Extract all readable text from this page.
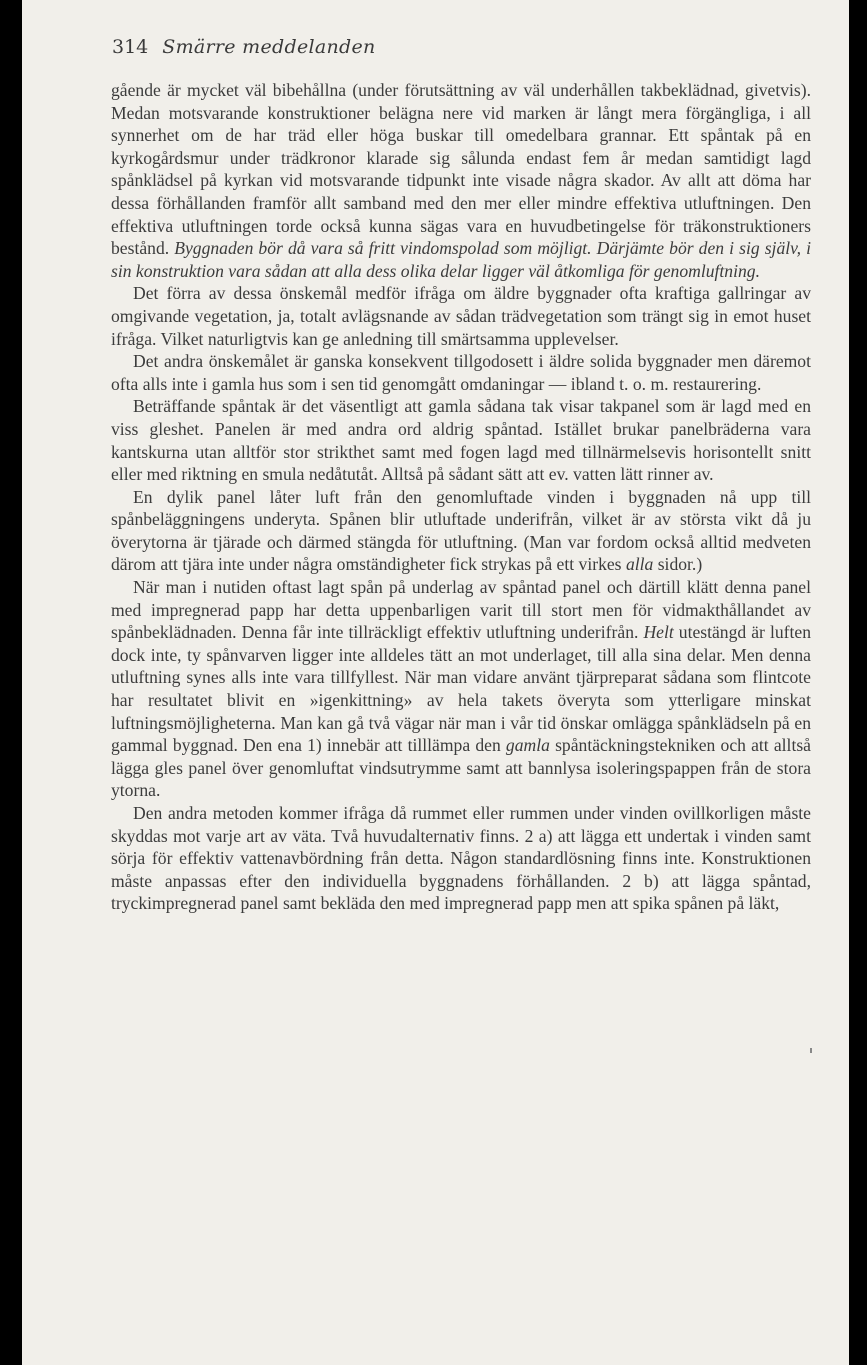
314 Smärre meddelanden

gående är mycket väl bibehållna (under förutsättning av väl underhållen takbeklädnad, givetvis). Medan motsvarande konstruktioner belägna nere vid marken är långt mera förgängliga, i all synnerhet om de har träd eller höga buskar till omedelbara grannar. Ett spåntak på en kyrkogårdsmur under trädkronor klarade sig sålunda endast fem år medan samtidigt lagd spånklädsel på kyrkan vid motsvarande tidpunkt inte visade några skador. Av allt att döma har dessa förhållanden framför allt samband med den mer eller mindre effektiva utluftningen. Den effektiva utluftningen torde också kunna sägas vara en huvudbetingelse för träkonstruktioners bestånd. Byggnaden bör då vara så fritt vindomspolad som möjligt. Därjämte bör den i sig själv, i sin konstruktion vara sådan att alla dess olika delar ligger väl åtkomliga för genomluftning.

Det förra av dessa önskemål medför ifråga om äldre byggnader ofta kraftiga gallringar av omgivande vegetation, ja, totalt avlägsnande av sådan trädvegetation som trängt sig in emot huset ifråga. Vilket naturligtvis kan ge anledning till smärtsamma upplevelser.

Det andra önskemålet är ganska konsekvent tillgodosett i äldre solida byggnader men däremot ofta alls inte i gamla hus som i sen tid genomgått omdaningar — ibland t. o. m. restaurering.

Beträffande spåntak är det väsentligt att gamla sådana tak visar takpanel som är lagd med en viss gleshet. Panelen är med andra ord aldrig spåntad. Istället brukar panelbräderna vara kantskurna utan alltför stor strikthet samt med fogen lagd med tillnärmelsevis horisontellt snitt eller med riktning en smula nedåtutåt. Alltså på sådant sätt att ev. vatten lätt rinner av.

En dylik panel låter luft från den genomluftade vinden i byggnaden nå upp till spånbeläggningens underyta. Spånen blir utluftade underifrån, vilket är av största vikt då ju överytorna är tjärade och därmed stängda för utluftning. (Man var fordom också alltid medveten därom att tjära inte under några omständigheter fick strykas på ett virkes alla sidor.)

När man i nutiden oftast lagt spån på underlag av spåntad panel och därtill klätt denna panel med impregnerad papp har detta uppenbarligen varit till stort men för vidmakthållandet av spånbeklädnaden. Denna får inte tillräckligt effektiv utluftning underifrån. Helt utestängd är luften dock inte, ty spånvarven ligger inte alldeles tätt an mot underlaget, till alla sina delar. Men denna utluftning synes alls inte vara tillfyllest. När man vidare använt tjärpreparat sådana som flintcote har resultatet blivit en »igenkittning» av hela takets överyta som ytterligare minskat luftningsmöjligheterna. Man kan gå två vägar när man i vår tid önskar omlägga spånklädseln på en gammal byggnad. Den ena 1) innebär att tilllämpa den gamla spåntäckningstekniken och att alltså lägga gles panel över genomluftat vindsutrymme samt att bannlysa isoleringspappen från de stora ytorna.

Den andra metoden kommer ifråga då rummet eller rummen under vinden ovillkorligen måste skyddas mot varje art av väta. Två huvudalternativ finns. 2 a) att lägga ett undertak i vinden samt sörja för effektiv vattenavbördning från detta. Någon standardlösning finns inte. Konstruktionen måste anpassas efter den individuella byggnadens förhållanden. 2 b) att lägga spåntad, tryckimpregnerad panel samt bekläda den med impregnerad papp men att spika spånen på läkt,
